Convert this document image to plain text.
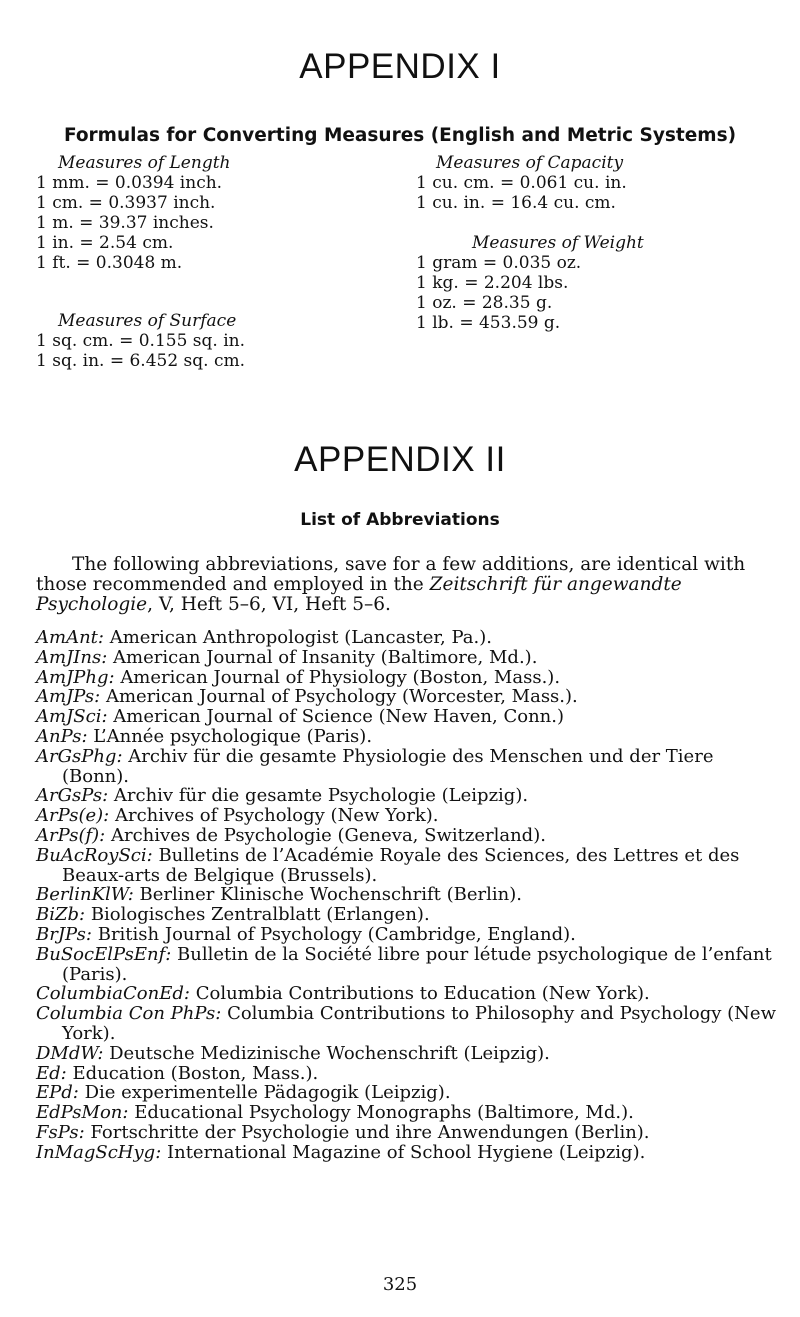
APPENDIX I
Formulas for Converting Measures (English and Metric Systems)
Measures of Length
1 mm. = 0.0394 inch.
1 cm. = 0.3937 inch.
1 m. = 39.37 inches.
1 in. = 2.54 cm.
1 ft. = 0.3048 m.
Measures of Surface
1 sq. cm. = 0.155 sq. in.
1 sq. in. = 6.452 sq. cm.
Measures of Capacity
1 cu. cm. = 0.061 cu. in.
1 cu. in. = 16.4 cu. cm.
Measures of Weight
1 gram = 0.035 oz.
1 kg. = 2.204 lbs.
1 oz. = 28.35 g.
1 lb. = 453.59 g.
APPENDIX II
List of Abbreviations
The following abbreviations, save for a few additions, are identical with those recommended and employed in the Zeitschrift für angewandte Psychologie, V, Heft 5–6, VI, Heft 5–6.
AmAnt: American Anthropologist (Lancaster, Pa.).
AmJIns: American Journal of Insanity (Baltimore, Md.).
AmJPhg: American Journal of Physiology (Boston, Mass.).
AmJPs: American Journal of Psychology (Worcester, Mass.).
AmJSci: American Journal of Science (New Haven, Conn.)
AnPs: L’Année psychologique (Paris).
ArGsPhg: Archiv für die gesamte Physiologie des Menschen und der Tiere (Bonn).
ArGsPs: Archiv für die gesamte Psychologie (Leipzig).
ArPs(e): Archives of Psychology (New York).
ArPs(f): Archives de Psychologie (Geneva, Switzerland).
BuAcRoySci: Bulletins de l’Académie Royale des Sciences, des Lettres et des Beaux-arts de Belgique (Brussels).
BerlinKlW: Berliner Klinische Wochenschrift (Berlin).
BiZb: Biologisches Zentralblatt (Erlangen).
BrJPs: British Journal of Psychology (Cambridge, England).
BuSocElPsEnf: Bulletin de la Société libre pour létude psychologique de l’enfant (Paris).
ColumbiaConEd: Columbia Contributions to Education (New York).
Columbia Con PhPs: Columbia Contributions to Philosophy and Psychology (New York).
DMdW: Deutsche Medizinische Wochenschrift (Leipzig).
Ed: Education (Boston, Mass.).
EPd: Die experimentelle Pädagogik (Leipzig).
EdPsMon: Educational Psychology Monographs (Baltimore, Md.).
FsPs: Fortschritte der Psychologie und ihre Anwendungen (Berlin).
InMagScHyg: International Magazine of School Hygiene (Leipzig).
325
